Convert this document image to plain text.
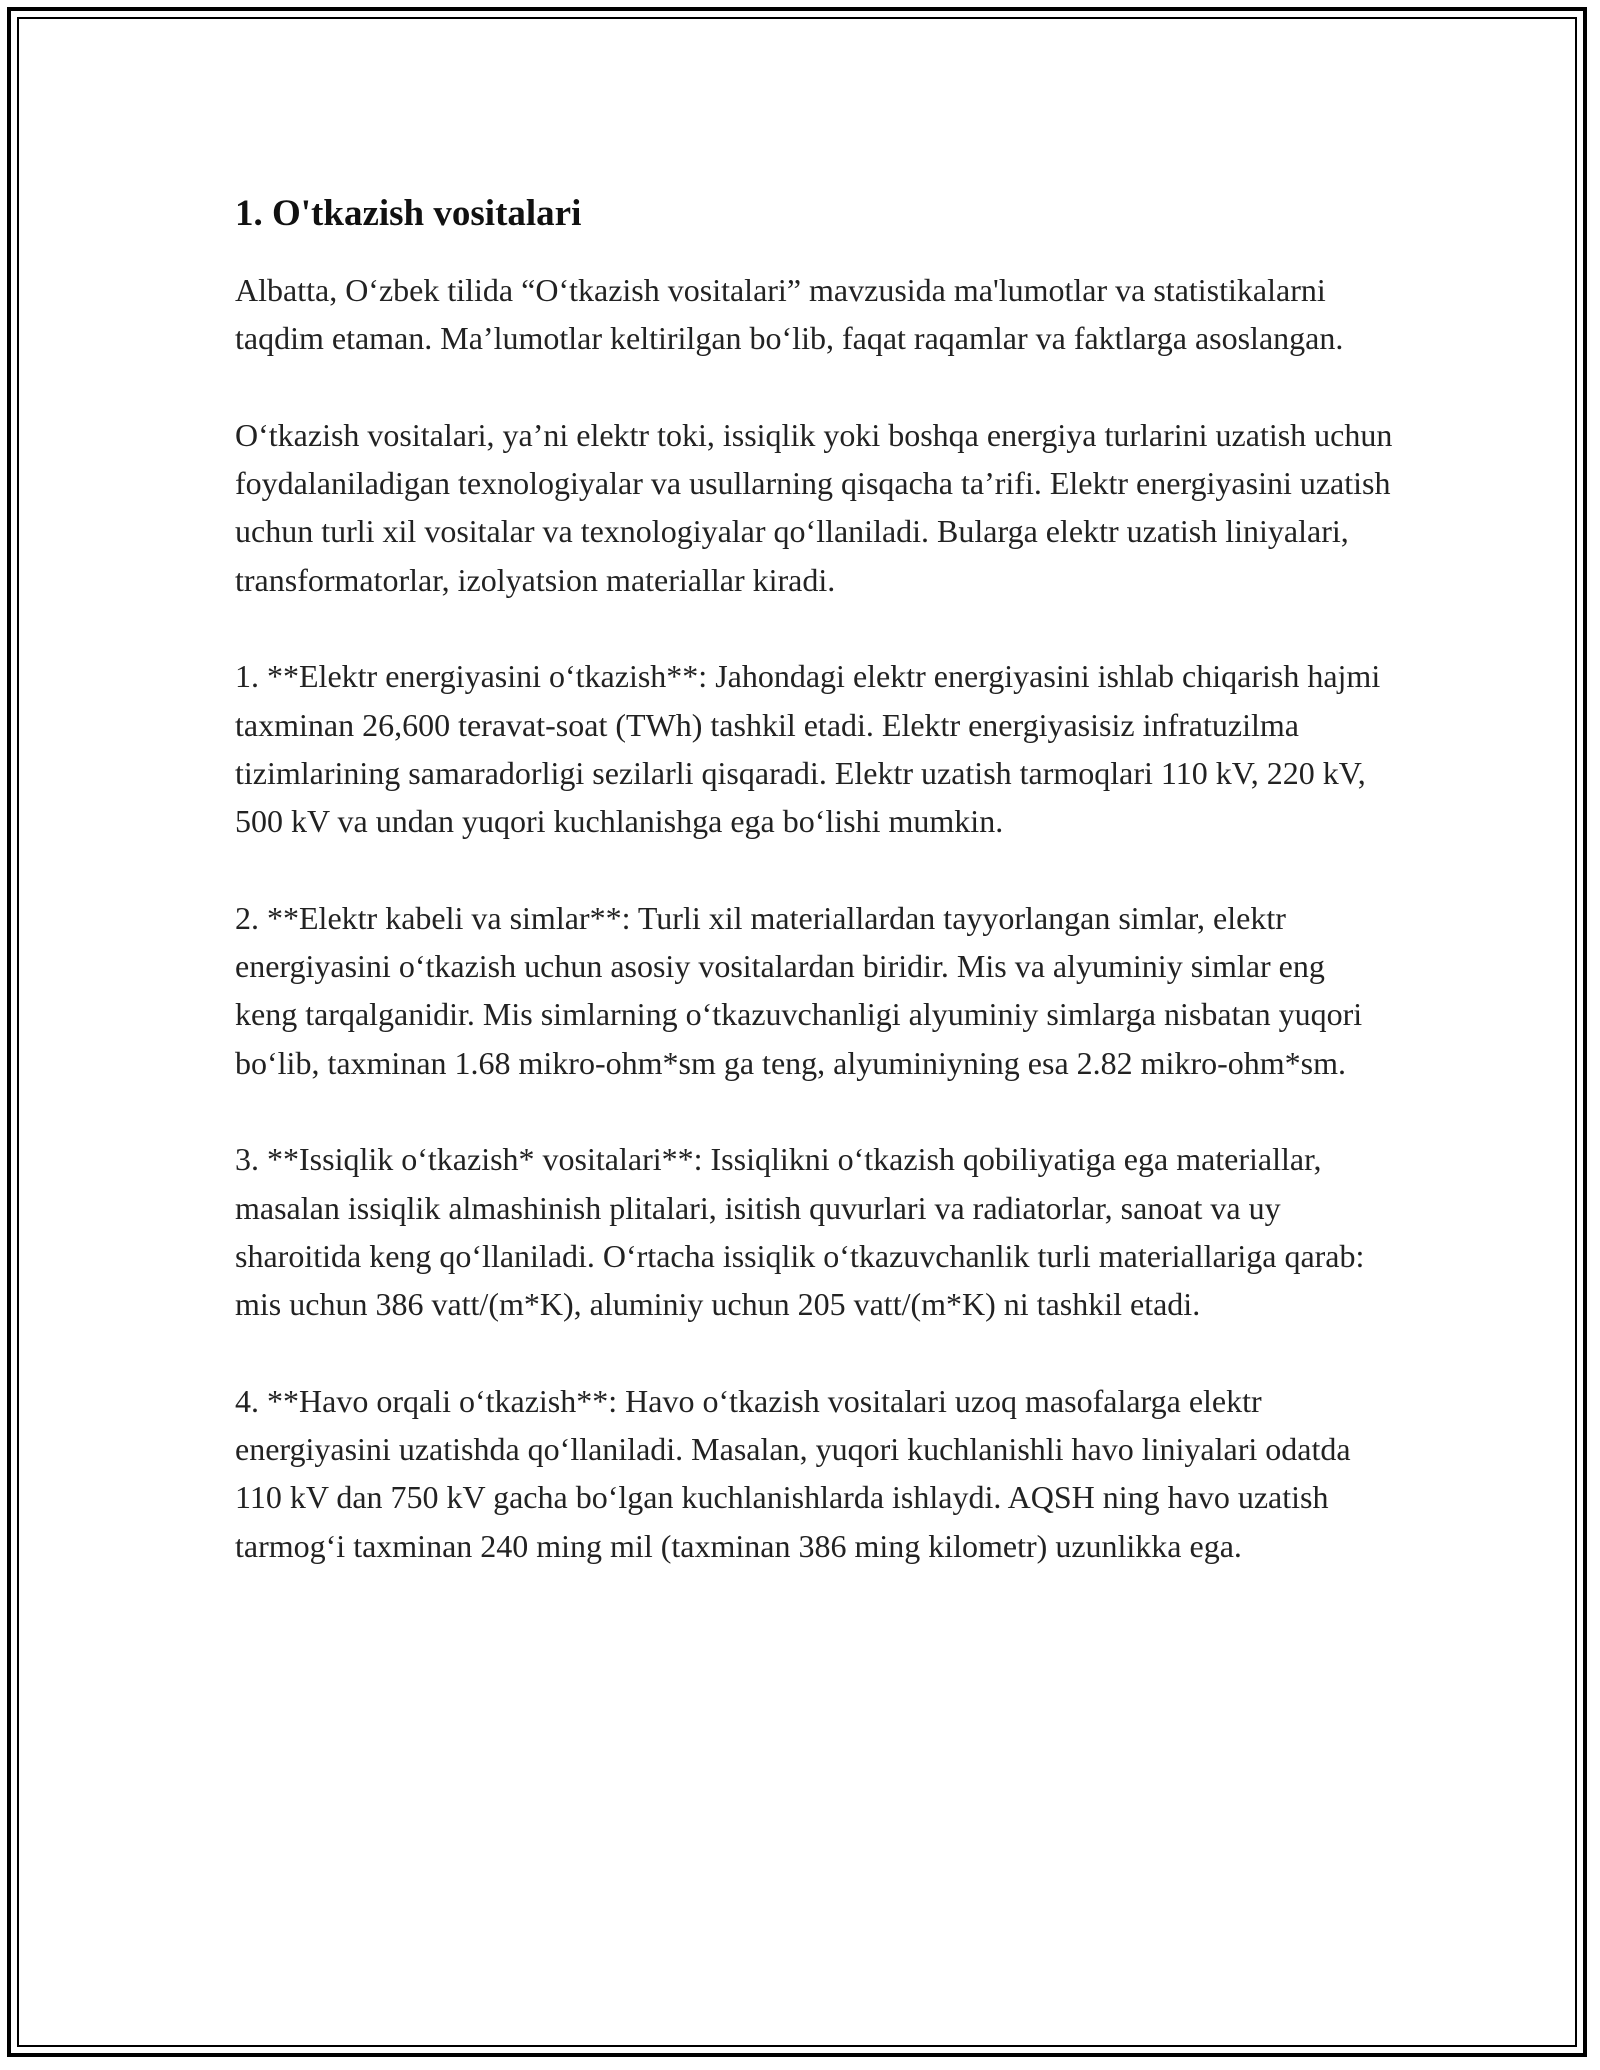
1. O'tkazish vositalari

Albatta, O‘zbek tilida “O‘tkazish vositalari” mavzusida ma'lumotlar va statistikalarni taqdim etaman. Ma’lumotlar keltirilgan bo‘lib, faqat raqamlar va faktlarga asoslangan.

O‘tkazish vositalari, ya’ni elektr toki, issiqlik yoki boshqa energiya turlarini uzatish uchun foydalaniladigan texnologiyalar va usullarning qisqacha ta’rifi. Elektr energiyasini uzatish uchun turli xil vositalar va texnologiyalar qo‘llaniladi. Bularga elektr uzatish liniyalari, transformatorlar, izolyatsion materiallar kiradi.

1. **Elektr energiyasini o‘tkazish**: Jahondagi elektr energiyasini ishlab chiqarish hajmi taxminan 26,600 teravat-soat (TWh) tashkil etadi. Elektr energiyasisiz infratuzilma tizimlarining samaradorligi sezilarli qisqaradi. Elektr uzatish tarmoqlari 110 kV, 220 kV, 500 kV va undan yuqori kuchlanishga ega bo‘lishi mumkin.

2. **Elektr kabeli va simlar**: Turli xil materiallardan tayyorlangan simlar, elektr energiyasini o‘tkazish uchun asosiy vositalardan biridir. Mis va alyuminiy simlar eng keng tarqalganidir. Mis simlarning o‘tkazuvchanligi alyuminiy simlarga nisbatan yuqori bo‘lib, taxminan 1.68 mikro-ohm*sm ga teng, alyuminiyning esa 2.82 mikro-ohm*sm.

3. **Issiqlik o‘tkazish* vositalari**: Issiqlikni o‘tkazish qobiliyatiga ega materiallar, masalan issiqlik almashinish plitalari, isitish quvurlari va radiatorlar, sanoat va uy sharoitida keng qo‘llaniladi. O‘rtacha issiqlik o‘tkazuvchanlik turli materiallariga qarab: mis uchun 386 vatt/(m*K), aluminiy uchun 205 vatt/(m*K) ni tashkil etadi.

4. **Havo orqali o‘tkazish**: Havo o‘tkazish vositalari uzoq masofalarga elektr energiyasini uzatishda qo‘llaniladi. Masalan, yuqori kuchlanishli havo liniyalari odatda 110 kV dan 750 kV gacha bo‘lgan kuchlanishlarda ishlaydi. AQSH ning havo uzatish tarmog‘i taxminan 240 ming mil (taxminan 386 ming kilometr) uzunlikka ega.
